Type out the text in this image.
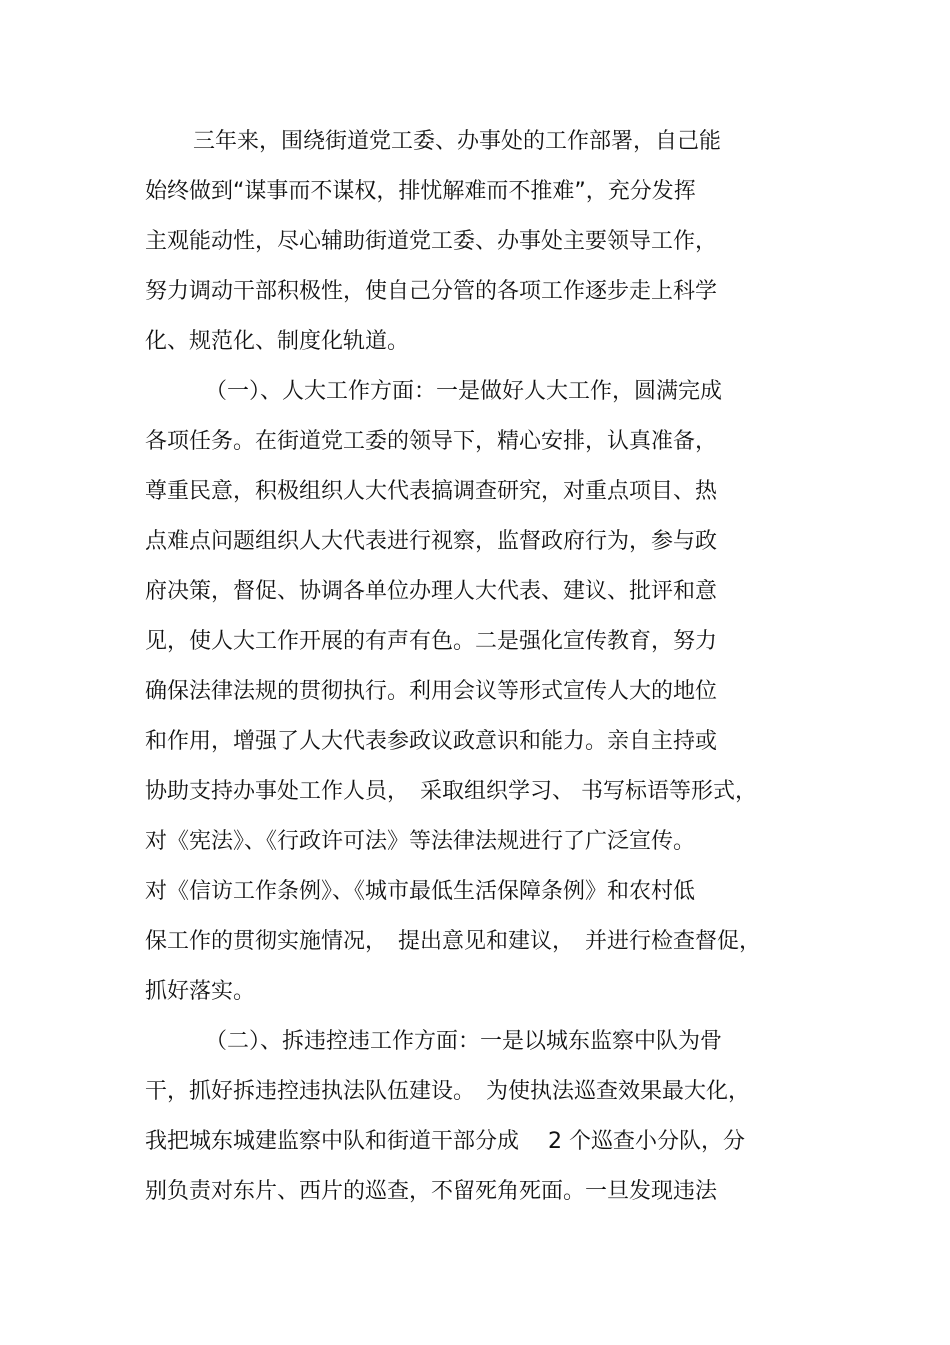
三年来，围绕街道党工委、办事处的工作部署，自己能
始终做到“谋事而不谋权，排忧解难而不推难”，充分发挥
主观能动性，尽心辅助街道党工委、办事处主要领导工作，
努力调动干部积极性，使自己分管的各项工作逐步走上科学
化、规范化、制度化轨道。
（一）、人大工作方面：一是做好人大工作，圆满完成
各项任务。在街道党工委的领导下，精心安排，认真准备，
尊重民意，积极组织人大代表搞调查研究，对重点项目、热
点难点问题组织人大代表进行视察，监督政府行为，参与政
府决策，督促、协调各单位办理人大代表、建议、批评和意
见，使人大工作开展的有声有色。二是强化宣传教育，努力
确保法律法规的贯彻执行。利用会议等形式宣传人大的地位
和作用，增强了人大代表参政议政意识和能力。亲自主持或
协助支持办事处工作人员，　采取组织学习、 书写标语等形式，
对《宪法》、《行政许可法》等法律法规进行了广泛宣传。
对《信访工作条例》、《城市最低生活保障条例》和农村低
保工作的贯彻实施情况，　提出意见和建议，　并进行检查督促，
抓好落实。
（二）、拆违控违工作方面：一是以城东监察中队为骨
干，抓好拆违控违执法队伍建设。　为使执法巡查效果最大化，
我把城东城建监察中队和街道干部分成　 2 个巡查小分队，分
别负责对东片、西片的巡查，不留死角死面。一旦发现违法
